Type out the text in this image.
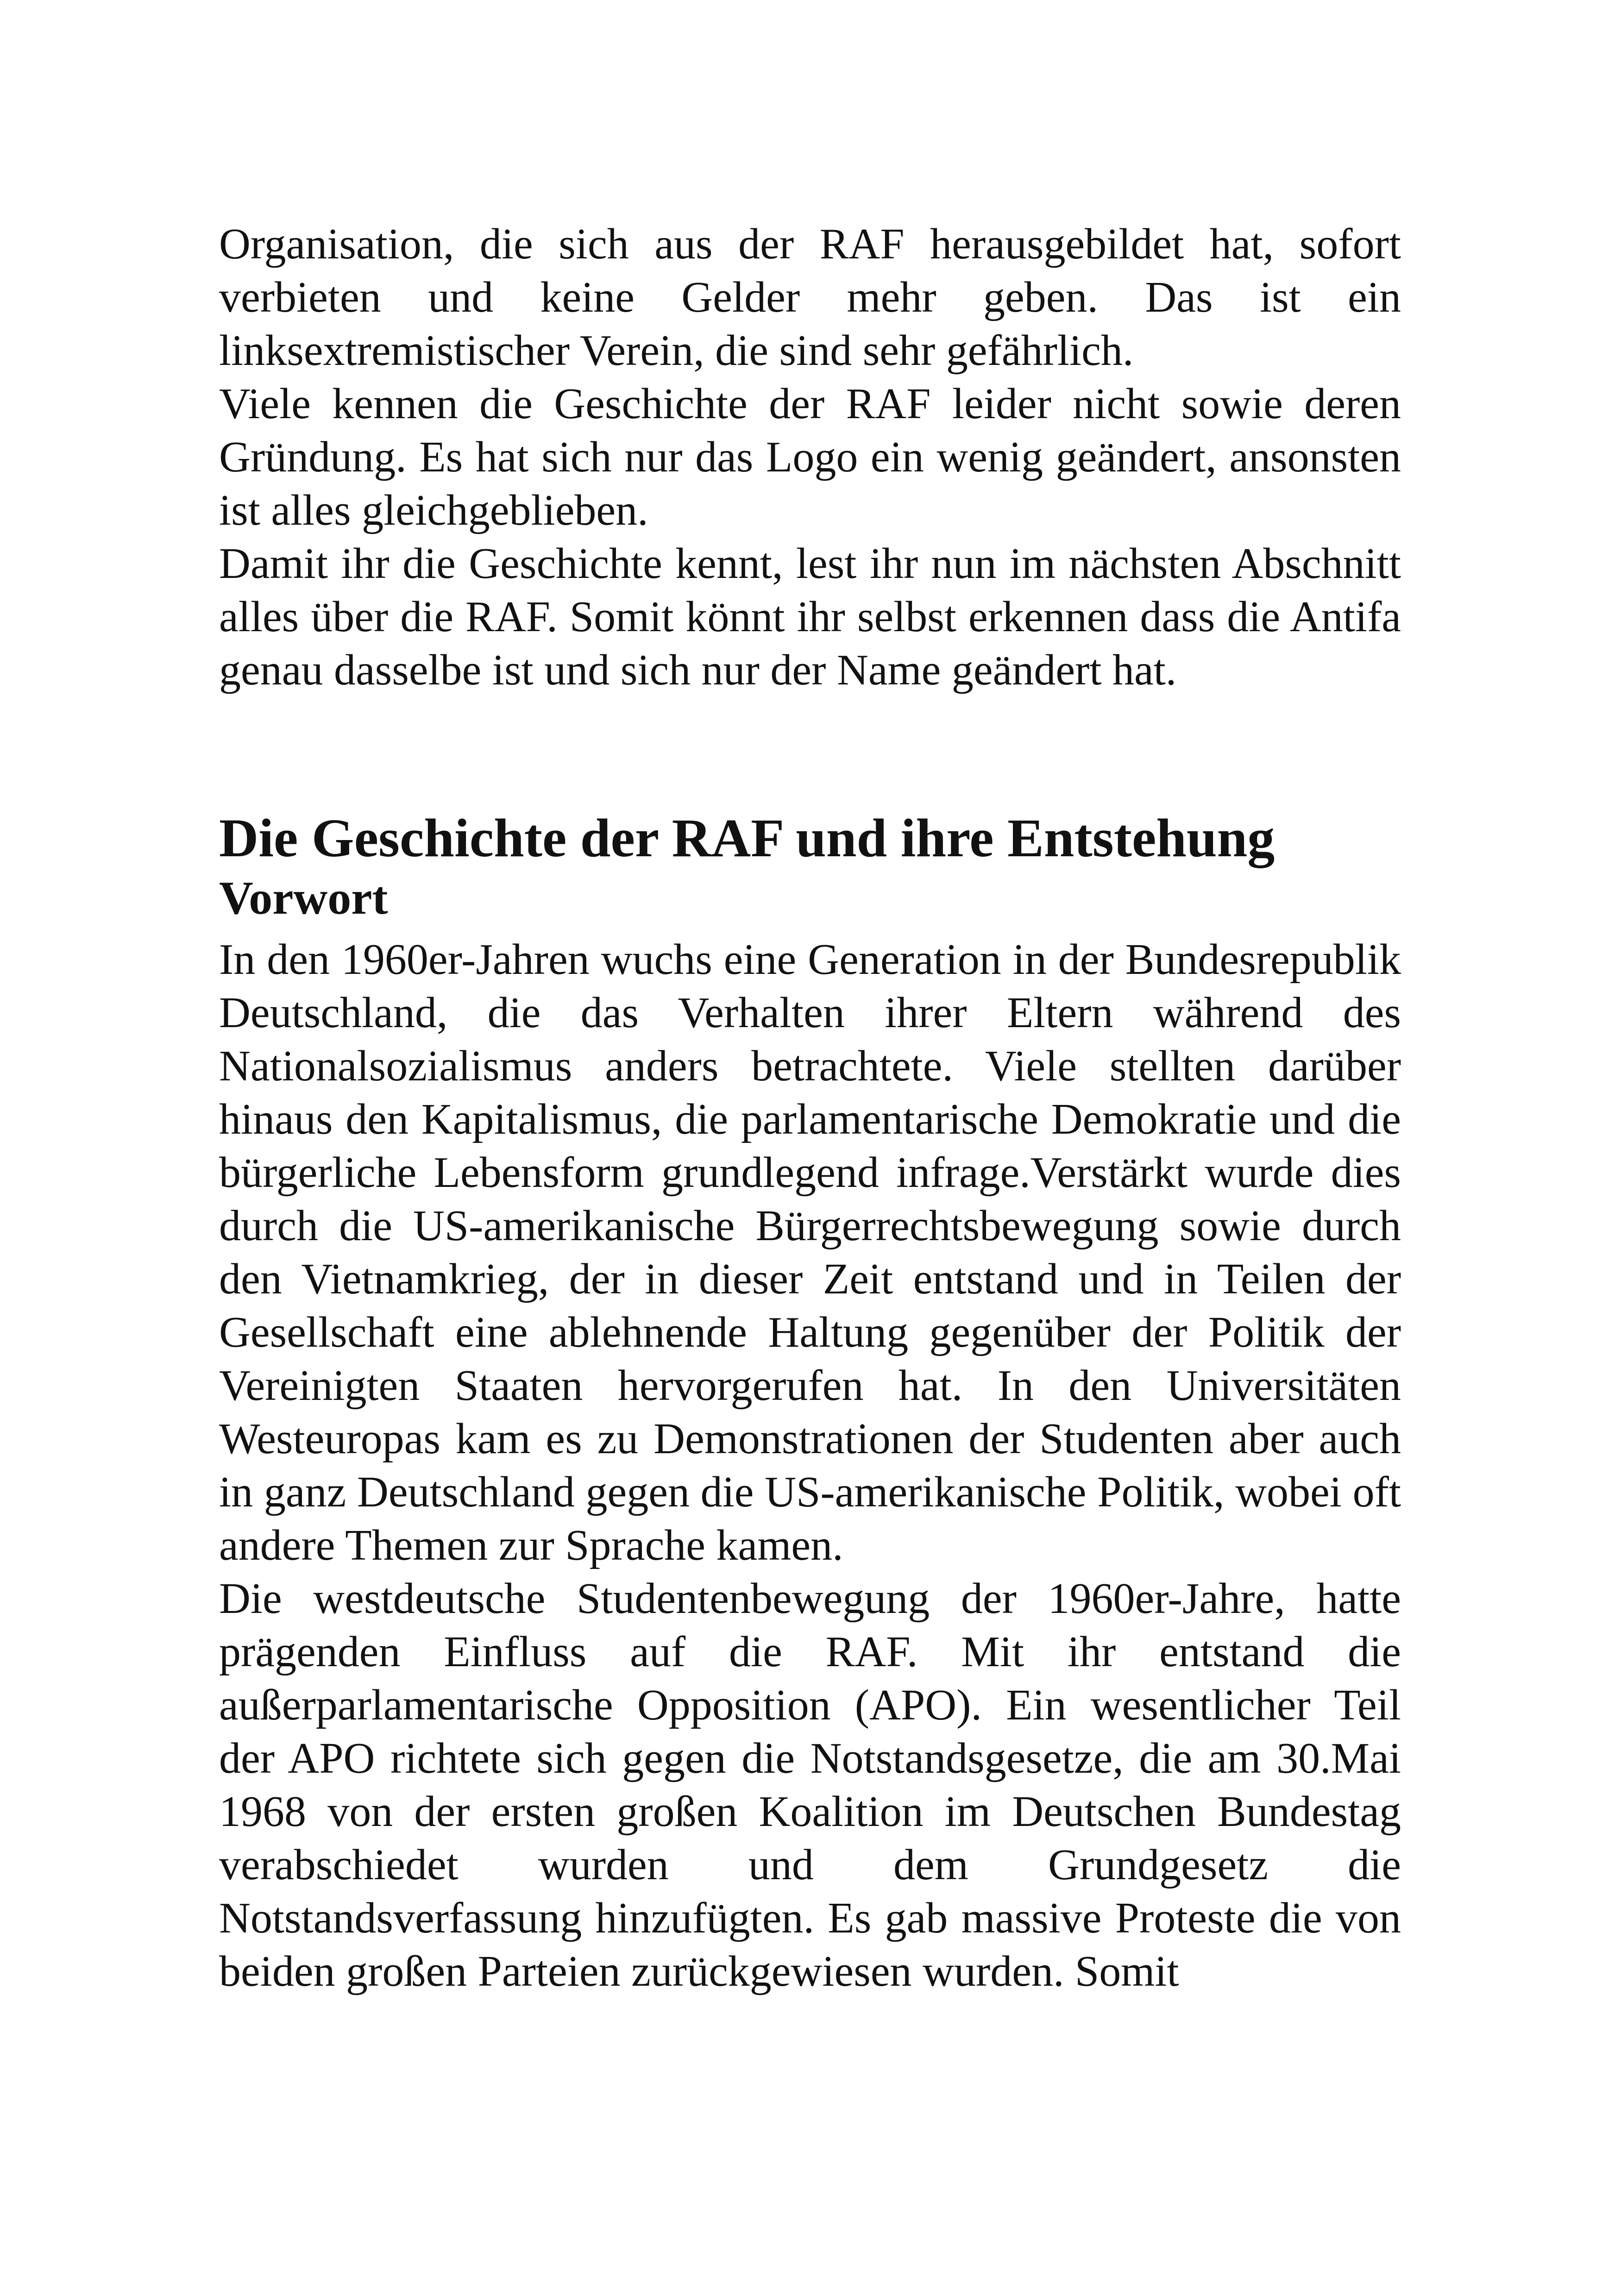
Organisation, die sich aus der RAF herausgebildet hat, sofort verbieten und keine Gelder mehr geben. Das ist ein linksextremistischer Verein, die sind sehr gefährlich.

Viele kennen die Geschichte der RAF leider nicht sowie deren Gründung. Es hat sich nur das Logo ein wenig geändert, ansonsten ist alles gleichgeblieben.

Damit ihr die Geschichte kennt, lest ihr nun im nächsten Abschnitt alles über die RAF. Somit könnt ihr selbst erkennen dass die Antifa genau dasselbe ist und sich nur der Name geändert hat.

Die Geschichte der RAF und ihre Entstehung
Vorwort

In den 1960er-Jahren wuchs eine Generation in der Bundesrepublik Deutschland, die das Verhalten ihrer Eltern während des Nationalsozialismus anders betrachtete. Viele stellten darüber hinaus den Kapitalismus, die parlamentarische Demokratie und die bürgerliche Lebensform grundlegend infrage.Verstärkt wurde dies durch die US-amerikanische Bürgerrechtsbewegung sowie durch den Vietnamkrieg, der in dieser Zeit entstand und in Teilen der Gesellschaft eine ablehnende Haltung gegenüber der Politik der Vereinigten Staaten hervorgerufen hat. In den Universitäten Westeuropas kam es zu Demonstrationen der Studenten aber auch in ganz Deutschland gegen die US-amerikanische Politik, wobei oft andere Themen zur Sprache kamen.

Die westdeutsche Studentenbewegung der 1960er-Jahre, hatte prägenden Einfluss auf die RAF. Mit ihr entstand die außerparlamentarische Opposition (APO). Ein wesentlicher Teil der APO richtete sich gegen die Notstandsgesetze, die am 30.Mai 1968 von der ersten großen Koalition im Deutschen Bundestag verabschiedet wurden und dem Grundgesetz die Notstandsverfassung hinzufügten. Es gab massive Proteste die von beiden großen Parteien zurückgewiesen wurden. Somit
